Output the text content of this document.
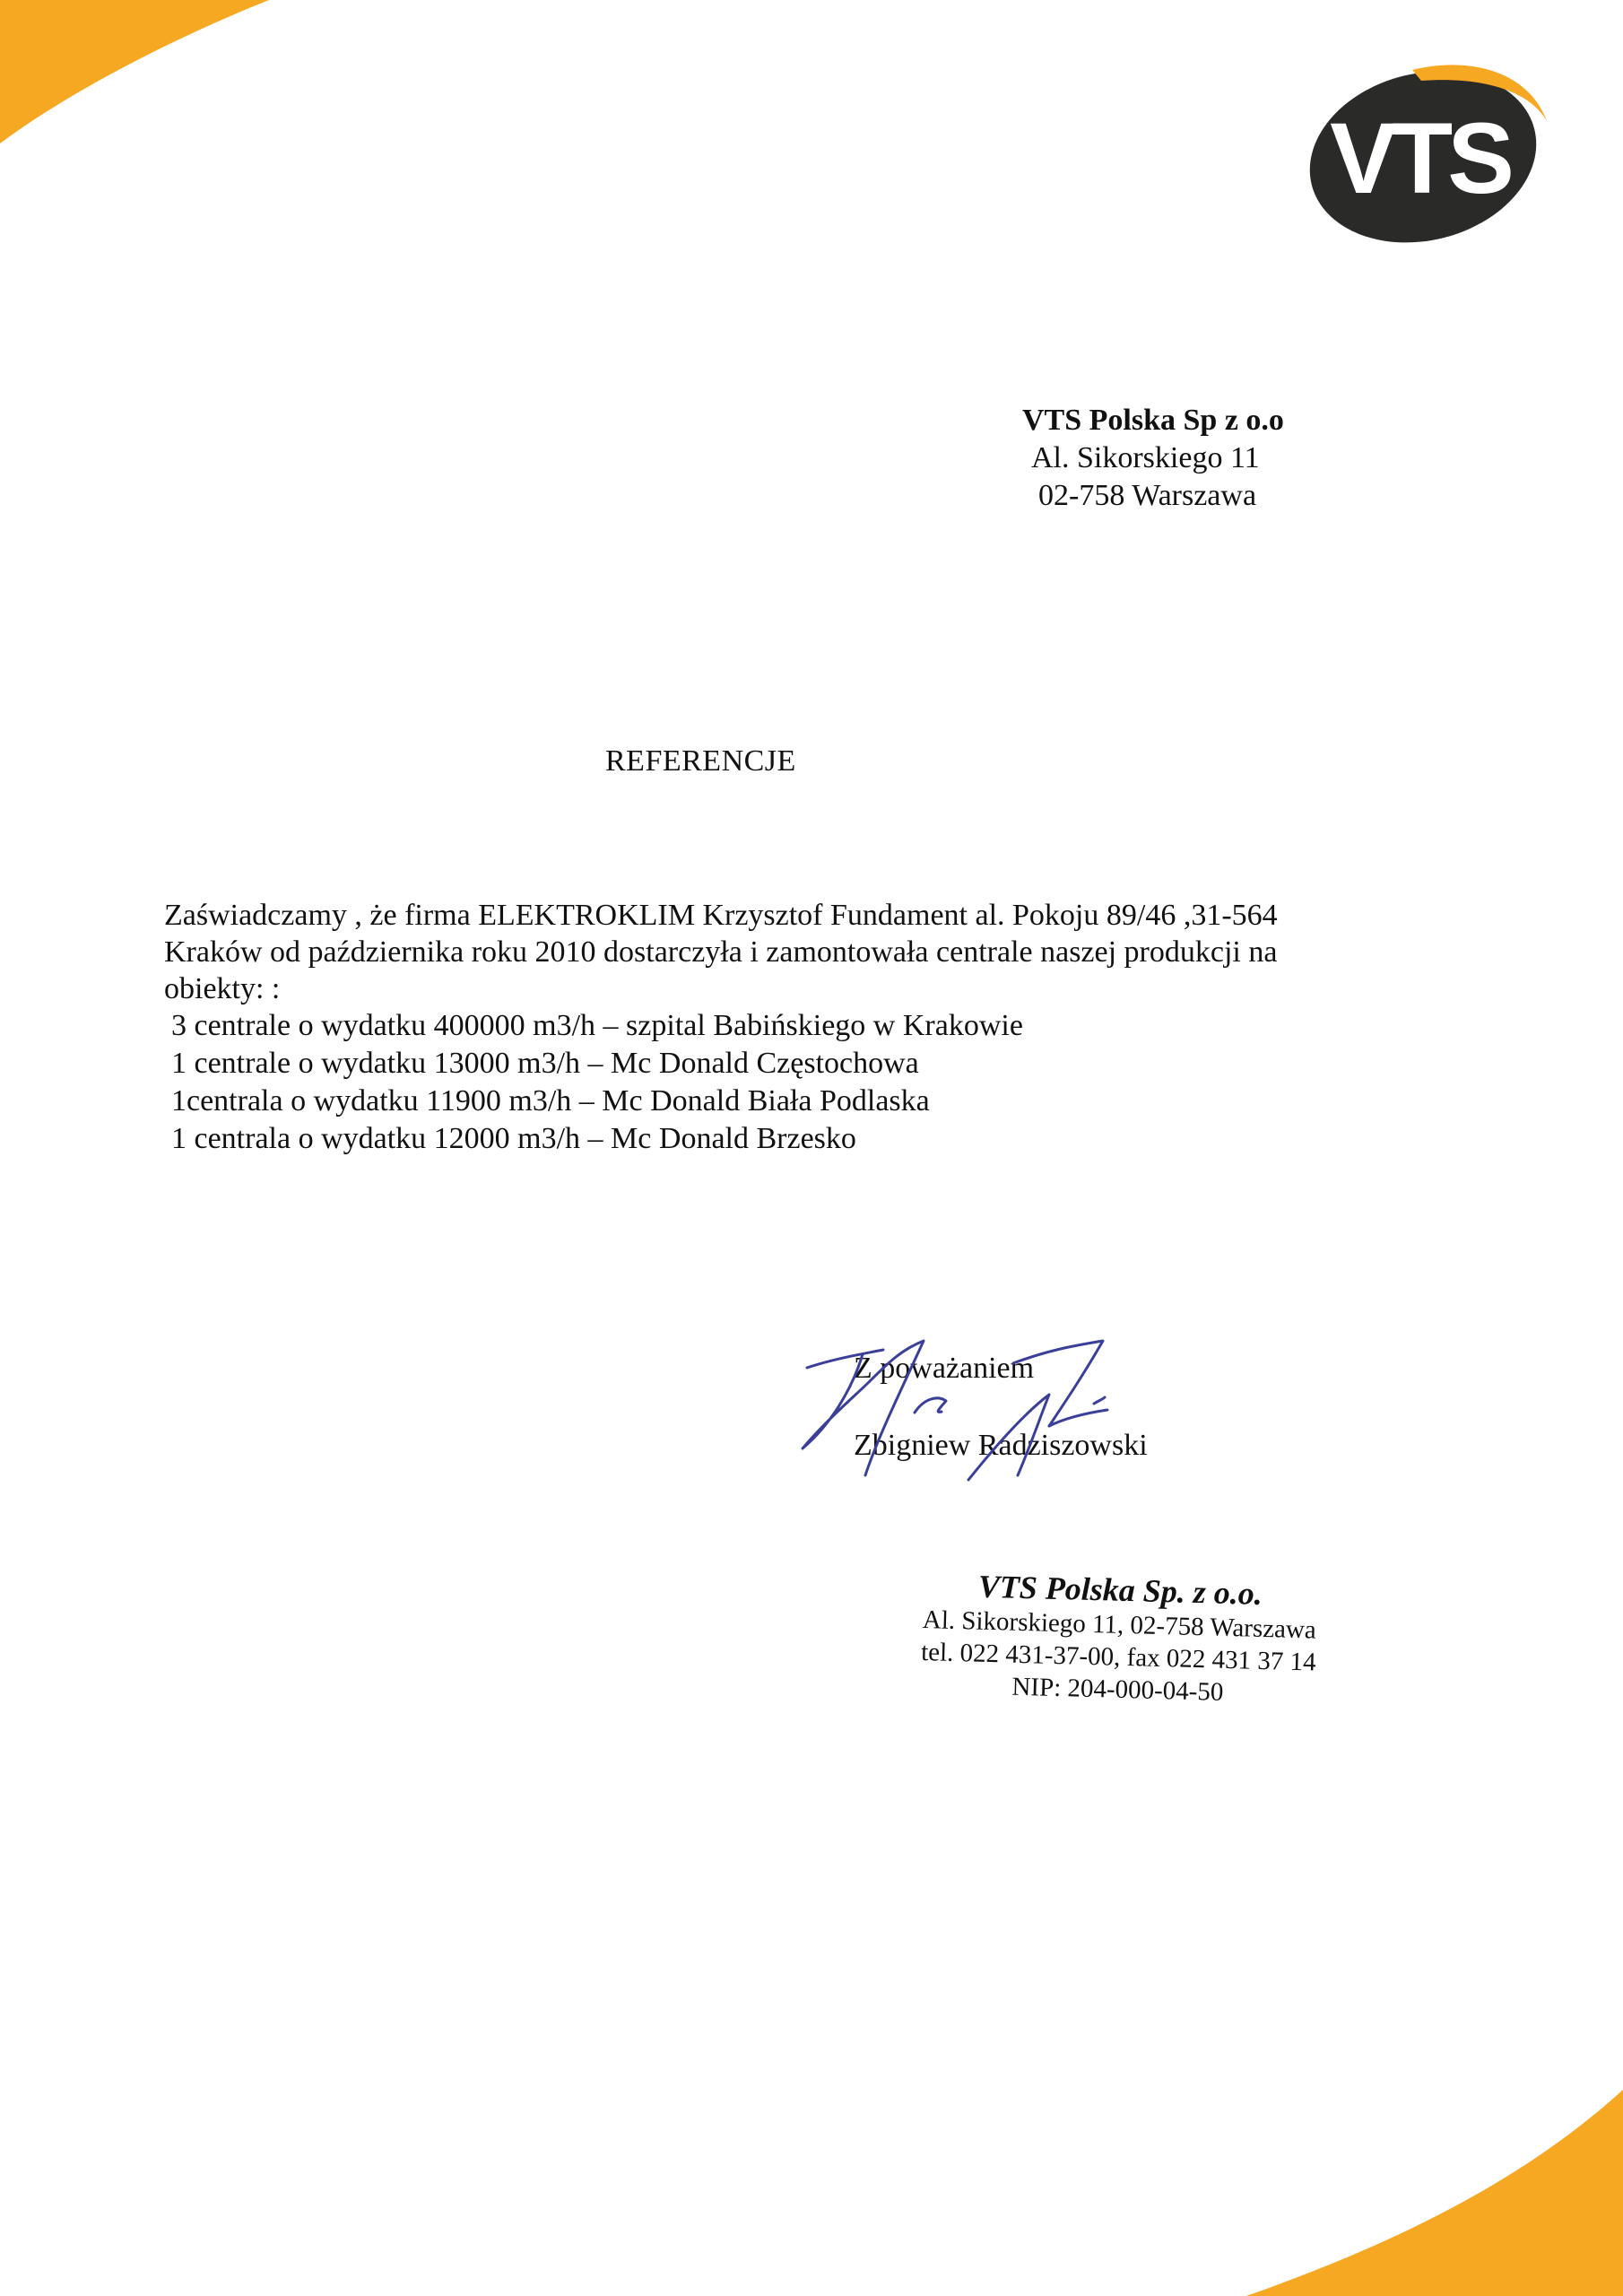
VTS

VTS Polska Sp z o.o

Al. Sikorskiego 11

02-758 Warszawa

REFERENCJE

Zaświadczamy , że firma ELEKTROKLIM Krzysztof Fundament al. Pokoju 89/46 ,31-564

Kraków od października roku 2010 dostarczyła i zamontowała centrale naszej produkcji na

obiekty: :

3 centrale o wydatku 400000 m3/h – szpital Babińskiego w Krakowie
1 centrale o wydatku 13000 m3/h – Mc Donald Częstochowa
1centrala o wydatku 11900 m3/h – Mc Donald Biała Podlaska
1 centrala o wydatku 12000 m3/h – Mc Donald Brzesko
Z poważaniem
Zbigniew Radziszowski
VTS Polska Sp. z o.o.
Al. Sikorskiego 11, 02-758 Warszawa
tel. 022 431-37-00, fax 022 431 37 14
NIP: 204-000-04-50
